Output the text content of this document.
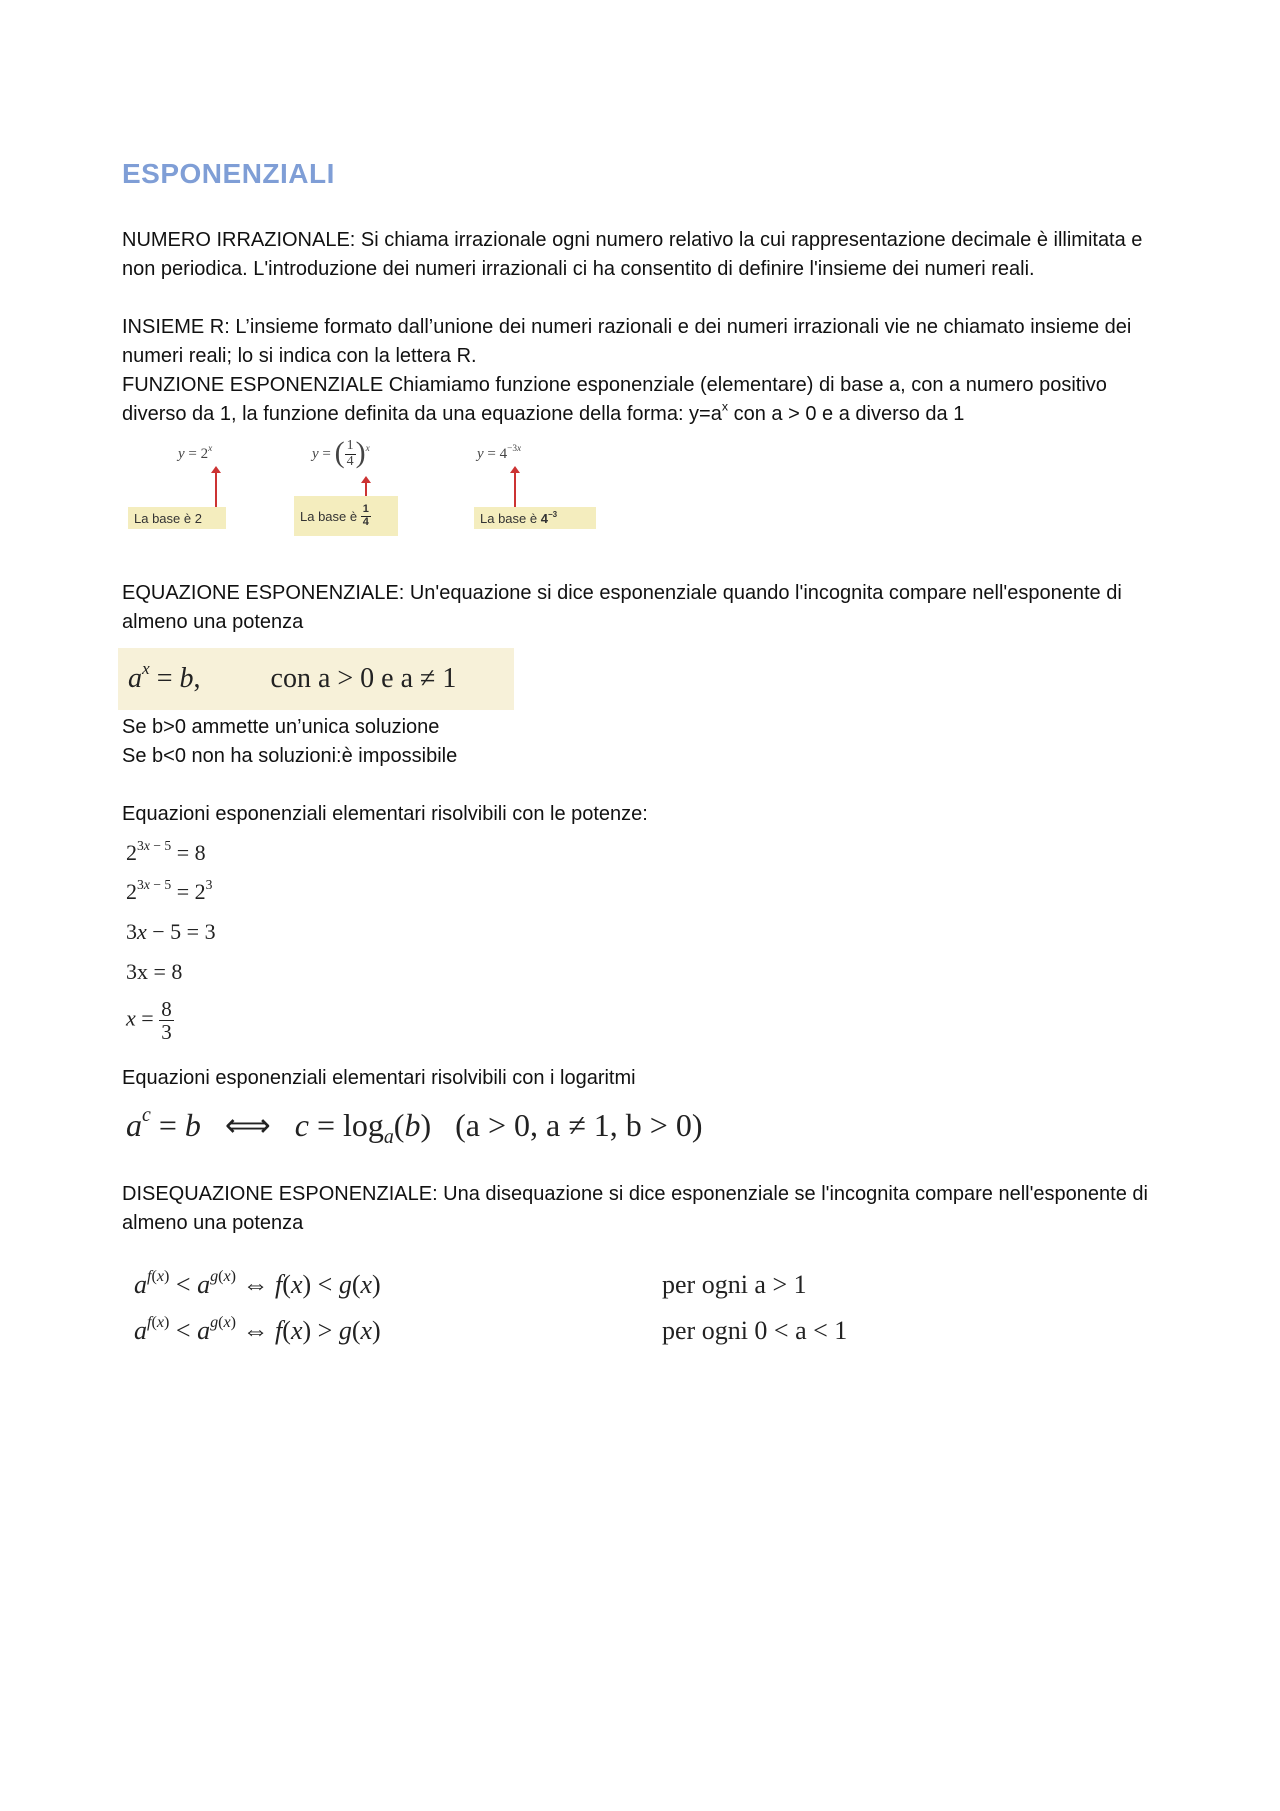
ESPONENZIALI
NUMERO IRRAZIONALE: Si chiama irrazionale ogni numero relativo la cui rappresentazione decimale è illimitata e non periodica. L'introduzione dei numeri irrazionali ci ha consentito di definire l'insieme dei numeri reali.
INSIEME R: L’insieme formato dall’unione dei numeri razionali e dei numeri irrazionali vie ne chiamato insieme dei numeri reali; lo si indica con la lettera R.
FUNZIONE ESPONENZIALE Chiamiamo funzione esponenziale (elementare) di base a, con a numero positivo diverso da 1, la funzione definita da una equazione della forma: $y=a^x$ con a > 0 e a diverso da 1
$y = 2^x$
La base è 2
y = ( $\frac{1}{4} )^x$
La base è
$\frac{1}{4}$
$y = 4^{-3x}$
La base è
$4^{-3}$
EQUAZIONE ESPONENZIALE: Un'equazione si dice esponenziale quando l'incognita compare nell'esponente di almeno una potenza
$a^x = b$,	con a > 0 e a ≠ 1
Se b>0 ammette un’unica soluzione
Se b<0 non ha soluzioni:è impossibile
Equazioni esponenziali elementari risolvibili con le potenze:
$2^{3x - 5} = 8$
$2^{3x - 5} = 2^3$
3x − 5 = 3
3x = 8
$x = \frac{8}{3}$
Equazioni esponenziali elementari risolvibili con i logaritmi
$a^c = b$   ⟺   $c = \log_a(b) (a > 0$, a ≠ 1, b > 0)
DISEQUAZIONE ESPONENZIALE: Una disequazione si dice esponenziale se l'incognita compare nell'esponente di almeno una potenza
$a^{f(x)} < a^{g(x)}$ ⇔ f(x) < g(x)	per ogni a > 1
$a^{f(x)} < a^{g(x)}$ ⇔ f(x) > g(x)	per ogni 0 < a < 1
